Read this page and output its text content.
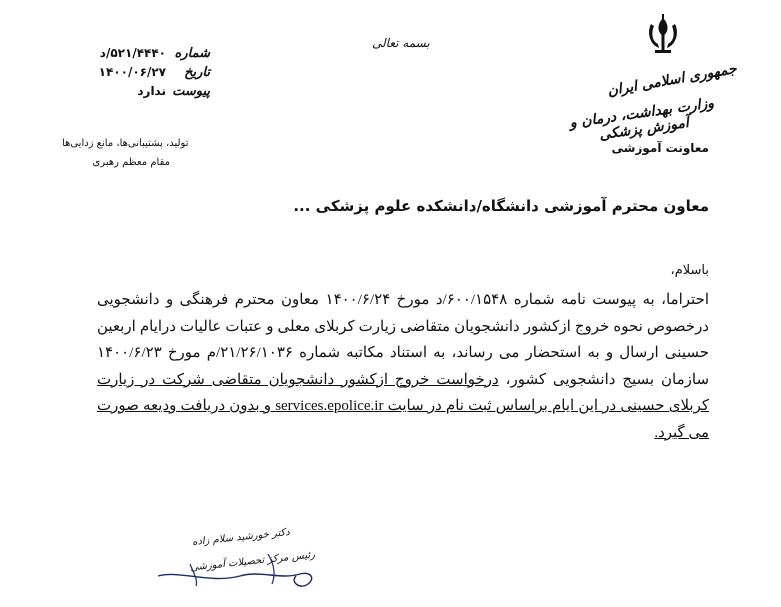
جمهوری اسلامی ایران
وزارت بهداشت، درمان و آموزش پزشکی
معاونت آموزشی
بسمه تعالی
شماره
تاریخ
پیوست
۵۲۱/۴۴۴۰/د
۱۴۰۰/۰۶/۲۷
ندارد
تولید، پشتیبانی‌ها، مانع زدایی‌ها
مقام معظم رهبری
معاون محترم آموزشی دانشگاه/دانشکده علوم پزشکی ...
باسلام،
احتراما، به پیوست نامه شماره ۶۰۰/۱۵۴۸/د مورخ ۱۴۰۰/۶/۲۴ معاون محترم فرهنگی و دانشجویی درخصوص نحوه خروج ازکشور دانشجویان متقاضی زیارت کربلای معلی و عتبات عالیات درایام اربعین حسینی ارسال و به استحضار می رساند، به استناد مکاتبه شماره ۲۱/۲۶/۱۰۳۶/م مورخ ۱۴۰۰/۶/۲۳ سازمان بسیج دانشجویی کشور، درخواست خروج ازکشور دانشجویان متقاضی شرکت در زیارت کربلای حسینی در این ایام براساس ثبت نام در سایت services.epolice.ir و بدون دریافت ودیعه صورت می گیرد.
دکتر خورشید سلام زاده
رئیس مرکز تحصیلات آموزشی
